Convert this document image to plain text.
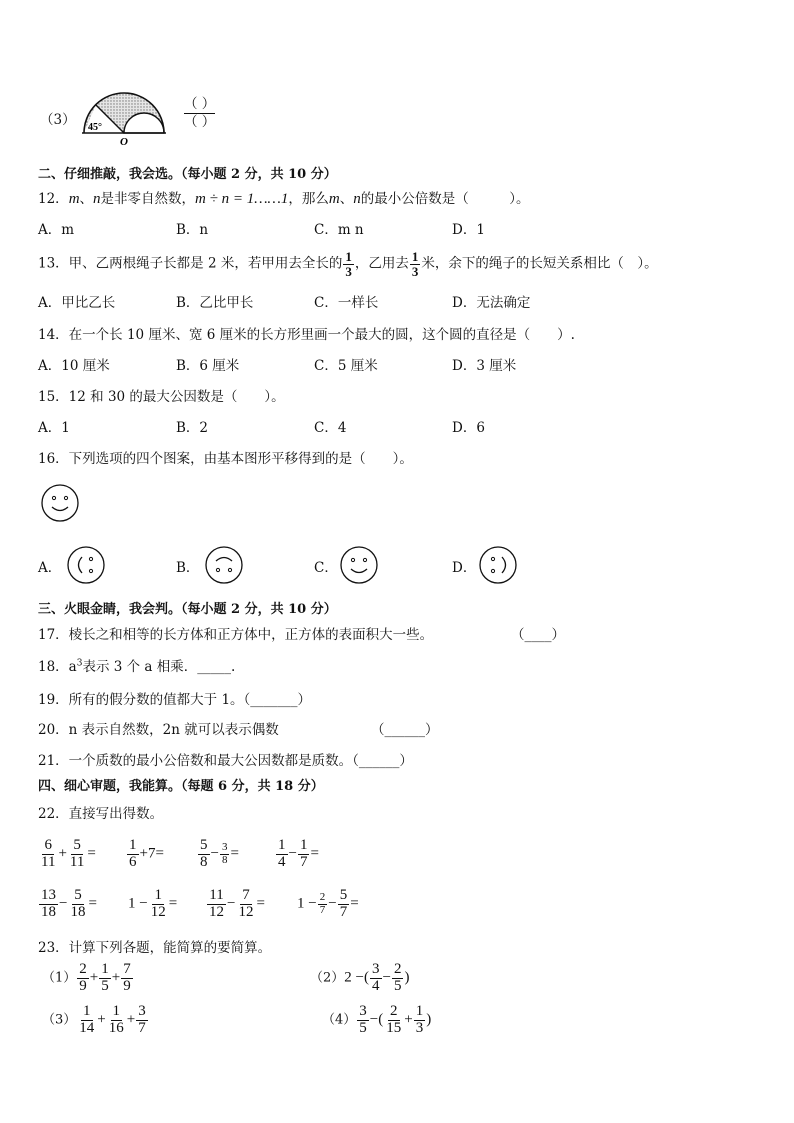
（3） 45°
O
（ ）
（ ）
二、仔细推敲，我会选。（每小题 2 分，共 10 分）
12．m、n是非零自然数，m ÷ n = 1……1，那么m、n的最小公倍数是（　　　）。
A．m	B．n	C．m n	D．1
13．甲、乙两根绳子长都是 2 米，若甲用去全长的 $\frac{1}{3}$ ，乙用去 $\frac{1}{3}$ 米，余下的绳子的长短关系相比（　）。
A．甲比乙长	B．乙比甲长	C．一样长	D．无法确定
14．在一个长 10 厘米、宽 6 厘米的长方形里画一个最大的圆，这个圆的直径是（　　）.
A．10 厘米	B．6 厘米	C．5 厘米	D．3 厘米
15．12 和 30 的最大公因数是（　　）。
A．1	B．2	C．4	D．6
16．下列选项的四个图案，由基本图形平移得到的是（　　）。
A．	B．	C．	D．
三、火眼金睛，我会判。（每小题 2 分，共 10 分）
17．棱长之和相等的长方体和正方体中，正方体的表面积大一些。	（____）
18．$a^3$表示 3 个 a 相乘．_____.
19．所有的假分数的值都大于 1。（_______）
20．n 表示自然数，2n 就可以表示偶数	（______）
21．一个质数的最小公倍数和最大公因数都是质数。（______）
四、细心审题，我能算。（每题 6 分，共 18 分）
22．直接写出得数。
$\frac{6}{11} + \frac{5}{11} = \frac{1}{6} +7= \frac{5}{8} - \frac{3}{8} = \frac{1}{4} - \frac{1}{7}$ =
$\frac{13}{18} - \frac{5}{18} = 1 - \frac{1}{12} = \frac{11}{12} - \frac{7}{12} = 1 - \frac{2}{7} - \frac{5}{7}$ =
23．计算下列各题，能简算的要简算。
$(1) \frac{2}{9} + \frac{1}{5} + \frac{7}{9}$	（2）2 −( $\frac{3}{4} - \frac{2}{5}$ )
$(3) \frac{1}{14} + \frac{1}{16} + \frac{3}{7}$	$(4) \frac{3}{5}$ −( $\frac{2}{15} + \frac{1}{3}$ )
